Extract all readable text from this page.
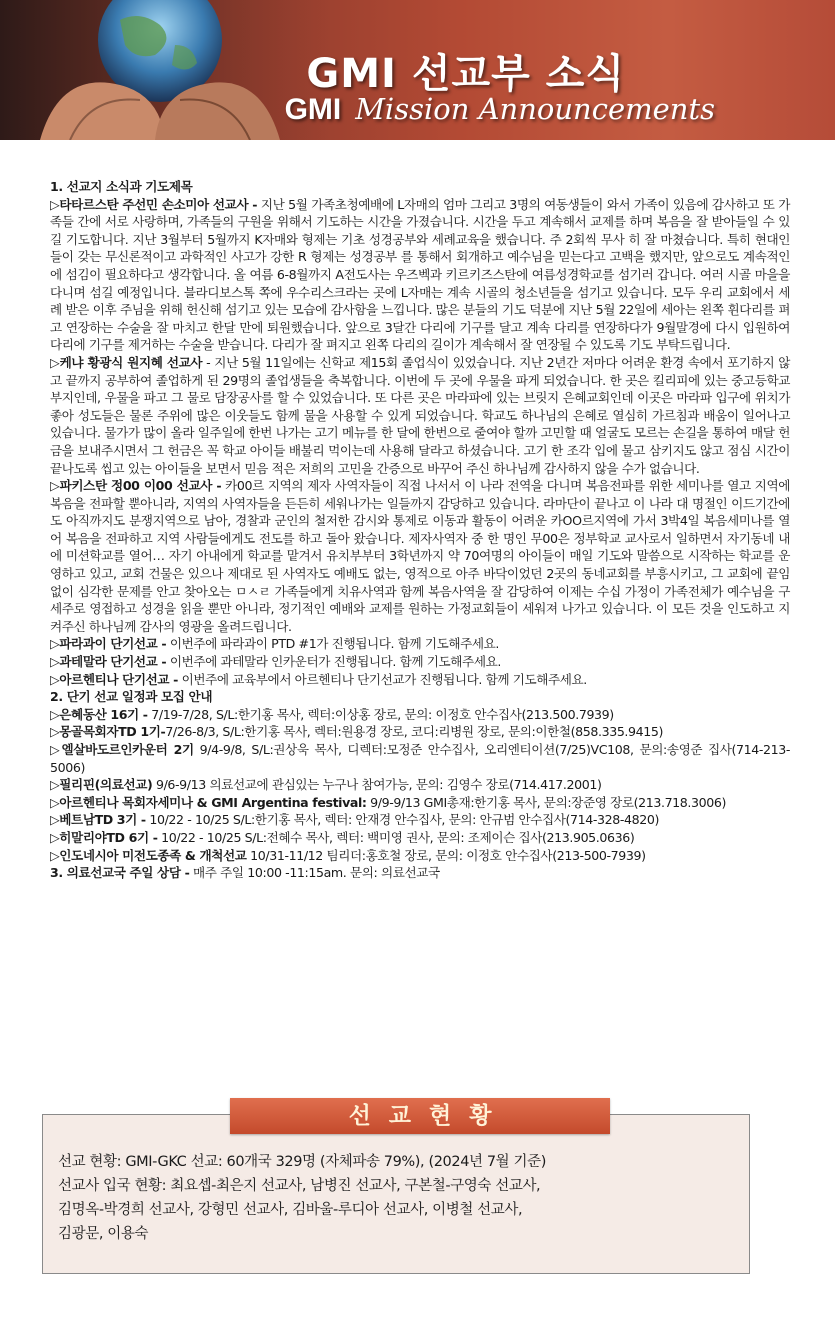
GMI 선교부 소식
GMI Mission Announcements

1. 선교지 소식과 기도제목

▷타타르스탄 주선민 손소미아 선교사 - 지난 5월 가족초청예배에 L자매의 엄마 그리고 3명의 여동생들이 와서 가족이 있음에 감사하고 또 가족들 간에 서로 사랑하며, 가족들의 구원을 위해서 기도하는 시간을 가졌습니다. 시간을 두고 계속해서 교제를 하며 복음을 잘 받아들일 수 있길 기도합니다. 지난 3월부터 5월까지 K자매와 형제는 기초 성경공부와 세례교육을 했습니다. 주 2회씩 무사 히 잘 마쳤습니다. 특히 현대인들이 갖는 무신론적이고 과학적인 사고가 강한 R 형제는 성경공부 를 통해서 회개하고 예수님을 믿는다고 고백을 했지만, 앞으로도 계속적인에 섬김이 필요하다고 생각합니다. 올 여름 6-8월까지 A전도사는 우즈벡과 키르키즈스탄에 여름성경학교를 섬기러 갑니다. 여러 시골 마을을 다니며 섬길 예정입니다. 블라디보스톡 쪽에 우수리스크라는 곳에 L자매는 계속 시골의 청소년들을 섬기고 있습니다. 모두 우리 교회에서 세례 받은 이후 주님을 위해 헌신해 섬기고 있는 모습에 감사함을 느낍니다. 많은 분들의 기도 덕분에 지난 5월 22일에 세아는 왼쪽 휜다리를 펴고 연장하는 수술을 잘 마치고 한달 만에 퇴원했습니다. 앞으로 3달간 다리에 기구를 달고 계속 다리를 연장하다가 9월말경에 다시 입원하여 다리에 기구를 제거하는 수술을 받습니다. 다리가 잘 펴지고 왼쪽 다리의 길이가 계속해서 잘 연장될 수 있도록 기도 부탁드립니다.

▷케냐 황광식 원지혜 선교사 - 지난 5월 11일에는 신학교 제15회 졸업식이 있었습니다. 지난 2년간 저마다 어려운 환경 속에서 포기하지 않고 끝까지 공부하여 졸업하게 된 29명의 졸업생들을 축복합니다. 이번에 두 곳에 우물을 파게 되었습니다. 한 곳은 킬리피에 있는 중고등학교 부지인데, 우물을 파고 그 물로 담장공사를 할 수 있었습니다. 또 다른 곳은 마라파에 있는 브릿지 은혜교회인데 이곳은 마라파 입구에 위치가 좋아 성도들은 물론 주위에 많은 이웃들도 함께 물을 사용할 수 있게 되었습니다. 학교도 하나님의 은혜로 열심히 가르침과 배움이 일어나고 있습니다. 물가가 많이 올라 일주일에 한번 나가는 고기 메뉴를 한 달에 한번으로 줄여야 할까 고민할 때 얼굴도 모르는 손길을 통하여 매달 헌금을 보내주시면서 그 헌금은 꼭 학교 아이들 배불리 먹이는데 사용해 달라고 하셨습니다. 고기 한 조각 입에 물고 삼키지도 않고 점심 시간이 끝나도록 씹고 있는 아이들을 보면서 믿음 적은 저희의 고민을 간증으로 바꾸어 주신 하나님께 감사하지 않을 수가 없습니다.

▷파키스탄 정00 이00 선교사 - 카00르 지역의 제자 사역자들이 직접 나서서 이 나라 전역을 다니며 복음전파를 위한 세미나를 열고 지역에 복음을 전파할 뿐아니라, 지역의 사역자들을 든든히 세워나가는 일들까지 감당하고 있습니다. 라마단이 끝나고 이 나라 대 명절인 이드기간에도 아직까지도 분쟁지역으로 남아, 경찰과 군인의 철저한 감시와 통제로 이동과 활동이 어려운 카OO르지역에 가서 3박4일 복음세미나를 열어 복음을 전파하고 지역 사람들에게도 전도를 하고 돌아 왔습니다. 제자사역자 중 한 명인 무00은 정부학교 교사로서 일하면서 자기동네 내에 미션학교를 열어… 자기 아내에게 학교를 맡겨서 유치부부터 3학년까지 약 70여명의 아이들이 매일 기도와 말씀으로 시작하는 학교를 운영하고 있고, 교회 건물은 있으나 제대로 된 사역자도 예배도 없는, 영적으로 아주 바닥이었던 2곳의 동네교회를 부흥시키고, 그 교회에 끝임없이 심각한 문제를 안고 찾아오는 ㅁㅅㄹ 가족들에게 치유사역과 함께 복음사역을 잘 감당하여 이제는 수십 가정이 가족전체가 예수님을 구세주로 영접하고 성경을 읽을 뿐만 아니라, 정기적인 예배와 교제를 원하는 가정교회들이 세워져 나가고 있습니다. 이 모든 것을 인도하고 지켜주신 하나님께 감사의 영광을 올려드립니다.

▷파라과이 단기선교 - 이번주에 파라과이 PTD #1가 진행됩니다. 함께 기도해주세요.

▷과테말라 단기선교 - 이번주에 과테말라 인카운터가 진행됩니다. 함께 기도해주세요.

▷아르헨티나 단기선교 - 이번주에 교육부에서 아르헨티나 단기선교가 진행됩니다. 함께 기도해주세요.

2. 단기 선교 일정과 모집 안내

▷은혜동산 16기 - 7/19-7/28, S/L:한기홍 목사, 렉터:이상홍 장로, 문의: 이정호 안수집사(213.500.7939)

▷몽골목회자TD 1기-7/26-8/3, S/L:한기홍 목사, 렉터:원용경 장로, 코디:리병원 장로, 문의:이한철(858.335.9415)

▷엘살바도르인카운터 2기 9/4-9/8, S/L:권상욱 목사, 디렉터:모정준 안수집사, 오리엔티이션(7/25)VC108, 문의:송영준 집사(714-213-5006)

▷필리핀(의료선교) 9/6-9/13 의료선교에 관심있는 누구나 참여가능, 문의: 김영수 장로(714.417.2001)

▷아르헨티나 목회자세미나 & GMI Argentina festival: 9/9-9/13 GMI총재:한기홍 목사, 문의:장준영 장로(213.718.3006)

▷베트남TD 3기 - 10/22 - 10/25 S/L:한기홍 목사, 렉터: 안재경 안수집사, 문의: 안규범 안수집사(714-328-4820)

▷히말리야TD 6기 - 10/22 - 10/25 S/L:전혜수 목사, 렉터: 백미영 권사, 문의: 조제이슨 집사(213.905.0636)

▷인도네시아 미전도종족 & 개척선교 10/31-11/12 팀리더:홍호철 장로, 문의: 이정호 안수집사(213-500-7939)

3. 의료선교국 주일 상담 - 매주 주일 10:00 -11:15am. 문의: 의료선교국

선교현황

선교 현황: GMI-GKC 선교: 60개국 329명 (자체파송 79%), (2024년 7월 기준)

선교사 입국 현황: 최요셉-최은지 선교사, 남병진 선교사, 구본철-구영숙 선교사,

김명옥-박경희 선교사, 강형민 선교사, 김바울-루디아 선교사, 이병철 선교사,

김광문, 이용숙
